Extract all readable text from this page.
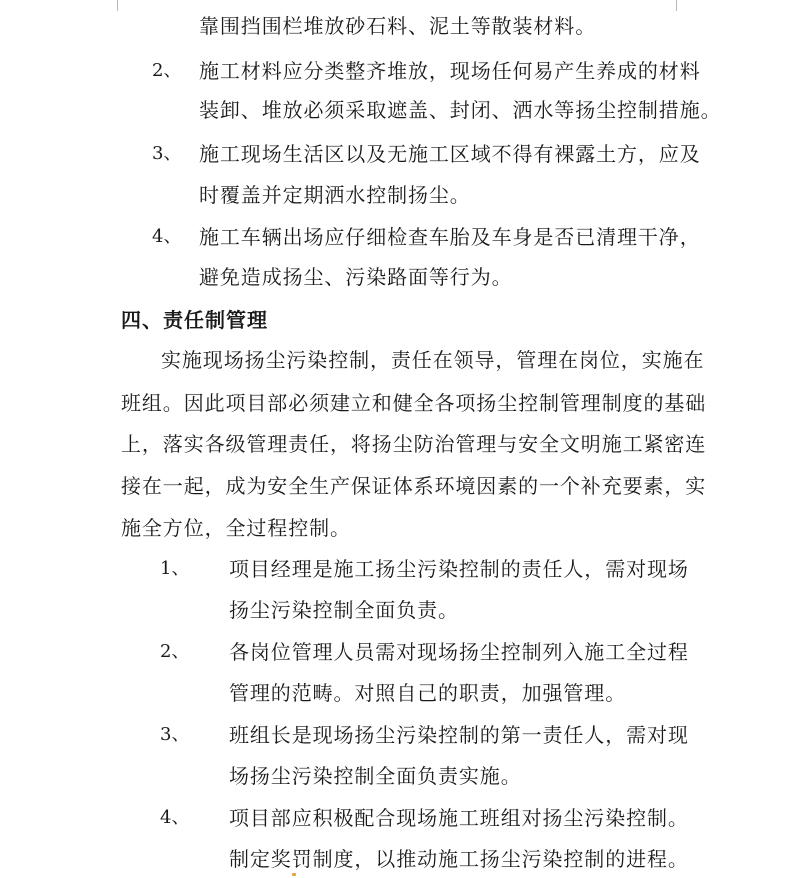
靠围挡围栏堆放砂石料、泥土等散装材料。
2、 施工材料应分类整齐堆放，现场任何易产生养成的材料
装卸、堆放必须采取遮盖、封闭、洒水等扬尘控制措施。
3、 施工现场生活区以及无施工区域不得有裸露土方，应及
时覆盖并定期洒水控制扬尘。
4、 施工车辆出场应仔细检查车胎及车身是否已清理干净，
避免造成扬尘、污染路面等行为。
四、责任制管理
实施现场扬尘污染控制，责任在领导，管理在岗位，实施在
班组。因此项目部必须建立和健全各项扬尘控制管理制度的基础
上，落实各级管理责任，将扬尘防治管理与安全文明施工紧密连
接在一起，成为安全生产保证体系环境因素的一个补充要素，实
施全方位，全过程控制。
1、 项目经理是施工扬尘污染控制的责任人，需对现场
扬尘污染控制全面负责。
2、 各岗位管理人员需对现场扬尘控制列入施工全过程
管理的范畴。对照自己的职责，加强管理。
3、 班组长是现场扬尘污染控制的第一责任人，需对现
场扬尘污染控制全面负责实施。
4、 项目部应积极配合现场施工班组对扬尘污染控制。
制定奖罚制度，以推动施工扬尘污染控制的进程。
